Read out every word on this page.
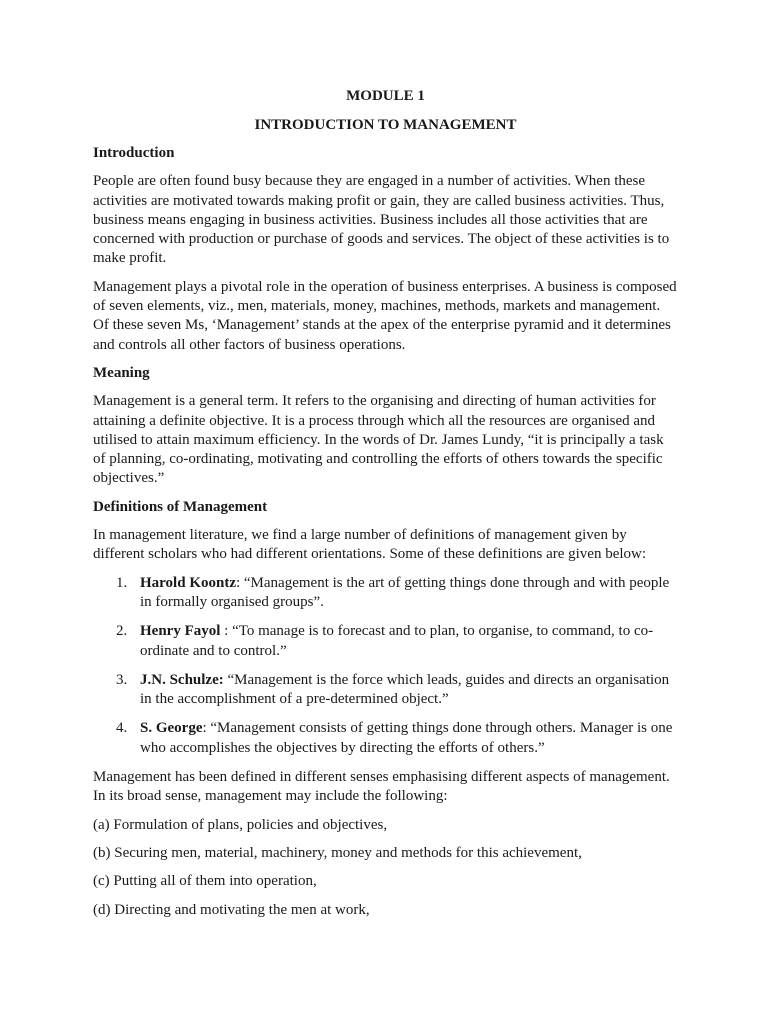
MODULE 1

INTRODUCTION TO MANAGEMENT

Introduction

People are often found busy because they are engaged in a number of activities. When these activities are motivated towards making profit or gain, they are called business activities. Thus, business means engaging in business activities. Business includes all those activities that are concerned with production or purchase of goods and services. The object of these activities is to make profit.

Management plays a pivotal role in the operation of business enterprises. A business is composed of seven elements, viz., men, materials, money, machines, methods, markets and management. Of these seven Ms, ‘Management’ stands at the apex of the enterprise pyramid and it determines and controls all other factors of business operations.

Meaning

Management is a general term. It refers to the organising and directing of human activities for attaining a definite objective. It is a process through which all the resources are organised and utilised to attain maximum efficiency. In the words of Dr. James Lundy, “it is principally a task of planning, co-ordinating, motivating and controlling the efforts of others towards the specific objectives.”

Definitions of Management

In management literature, we find a large number of definitions of management given by different scholars who had different orientations. Some of these definitions are given below:

1. Harold Koontz: “Management is the art of getting things done through and with people in formally organised groups”.
2. Henry Fayol : “To manage is to forecast and to plan, to organise, to command, to co-ordinate and to control.”
3. J.N. Schulze: “Management is the force which leads, guides and directs an organisation in the accomplishment of a pre-determined object.”
4. S. George: “Management consists of getting things done through others. Manager is one who accomplishes the objectives by directing the efforts of others.”

Management has been defined in different senses emphasising different aspects of management. In its broad sense, management may include the following:

(a) Formulation of plans, policies and objectives,

(b) Securing men, material, machinery, money and methods for this achievement,

(c) Putting all of them into operation,

(d) Directing and motivating the men at work,
